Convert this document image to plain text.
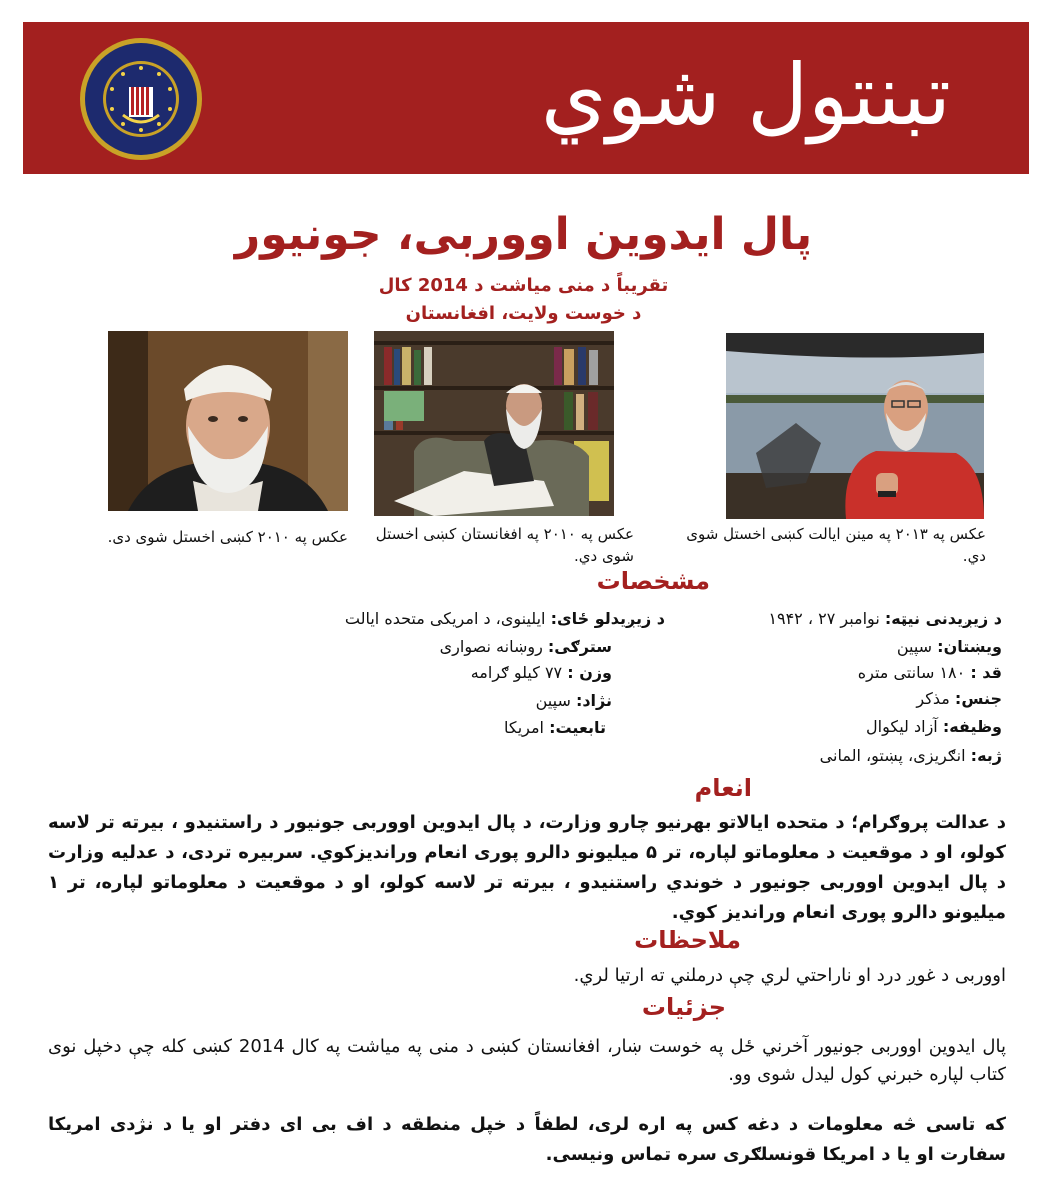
تبنتول شوي
پال ایدوین اووربی، جونیور
تقریباً د منی میاشت د 2014 کال
د خوست ولایت، افغانستان
عکس په ۲۰۱۳ په مینن ایالت کښی اخستل شوی دي.
عکس په ۲۰۱۰ په افغانستان کښی اخستل شوی دي.
عکس په ۲۰۱۰ کښی اخستل شوی دی.
مشخصات
د زیږیدنی نیټه: نوامبر ۲۷ ، ۱۹۴۲
د زیږیدلو ځای: ایلینوی، د امریکی متحده ایالت
ویښتان: سپین
سترګی: روښانه نصواری
قد : ۱۸۰ سانتی متره
وزن : ۷۷ کیلو ګرامه
جنس: مذکر
نژاد: سپین
وظیفه: آزاد لیکوال
تابعیت: امریکا
ژبه: انګریزی، پښتو، المانی
انعام
د عدالت پروګرام؛ د متحده ایالاتو بهرنیو چارو وزارت، د پال ایدوین اووربی جونیور د راستنیدو ، بیرته تر لاسه کولو، او د موقعیت د معلوماتو لپاره، تر ۵ میلیونو دالرو پوری انعام وراندیزکوي. سربیره تردی، د عدلیه وزارت د پال ایدوین اووربی جونیور د خوندي راستنیدو ، بیرته تر لاسه کولو، او د موقعیت د معلوماتو لپاره، تر ۱ میلیونو دالرو پوری انعام وراندیز کوي.
ملاحظات
اووربی د غوږ درد او ناراحتي لري چې درملني ته ارتیا لري.
جزئیات
پال ایدوین اووربی جونیور آخرني ځل په خوست ښار، افغانستان کښی د منی په میاشت په کال 2014 کښی کله چې دخپل نوی کتاب لپاره خبرني کول لیدل شوی وو.
که تاسی څه معلومات د دغه کس په اره لری، لطفاً د خپل منطقه د اف بی ای دفتر او یا د نژدی امریکا سفارت او یا د امریکا قونسلګری سره تماس ونیسی.
